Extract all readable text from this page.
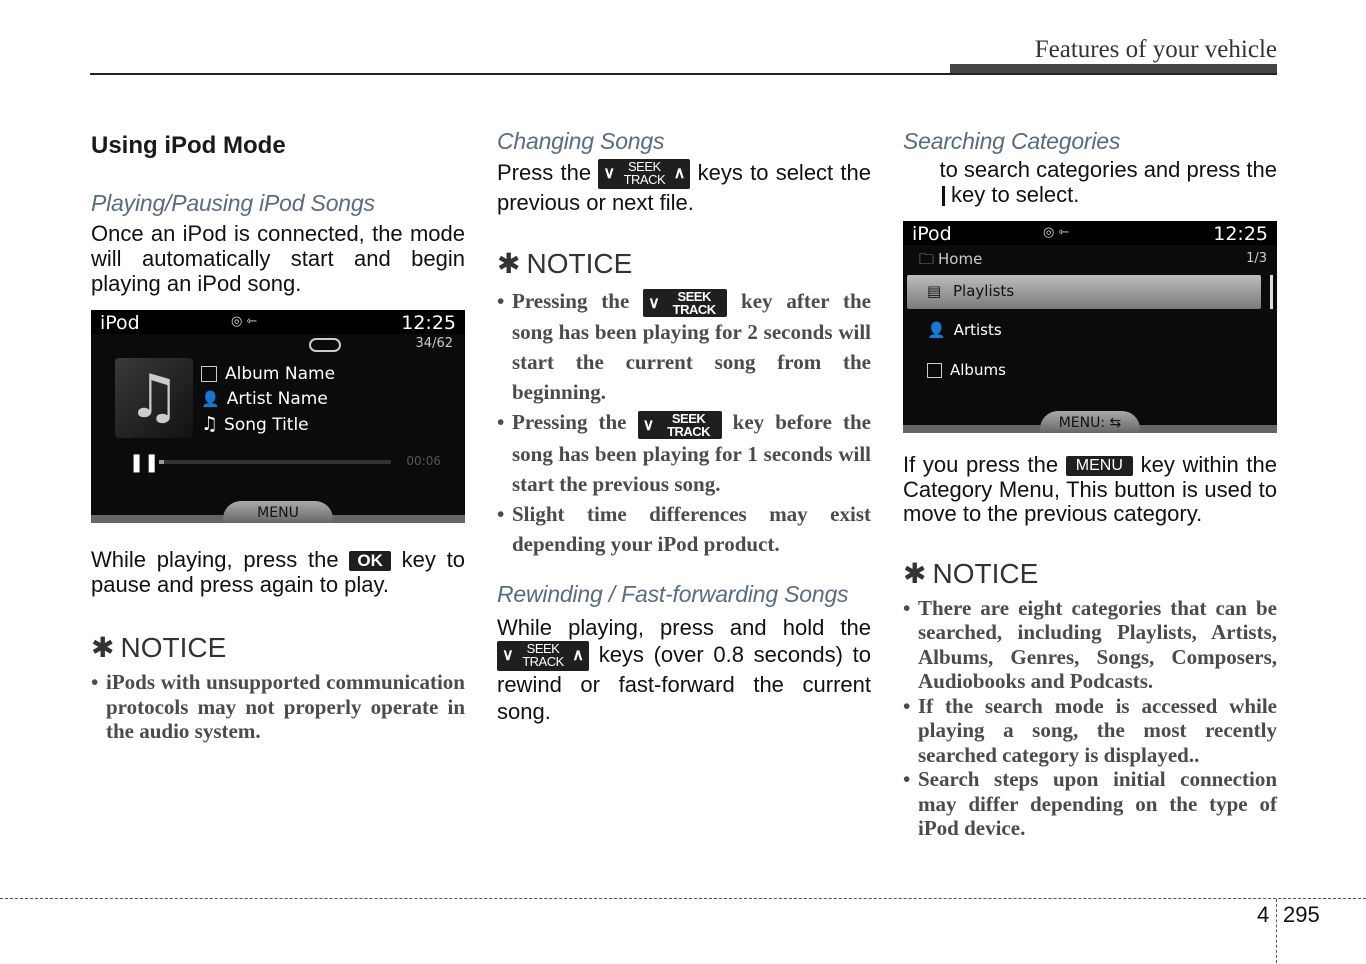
Features of your vehicle
Using iPod Mode
Playing/Pausing iPod Songs

Once an iPod is connected, the mode will automatically start and begin playing an iPod song.

iPod	◎ ⇽	12:25
34/62
♫	Album Name
👤 Artist Name
♫ Song Title
❚❚	00:06
MENU

While playing, press the OK key to pause and press again to play.

✱ NOTICE
• iPods with unsupported communication protocols may not properly operate in the audio system.
Changing Songs

Press the ∨ SEEK
TRACK ∧ keys to select the previous or next file.

✱ NOTICE
• Pressing the ∨	SEEK
TRACK	key after the song has been playing for 2 seconds will start the current song from the beginning.
• Pressing the ∨	SEEK
TRACK	key before the song has been playing for 1 seconds will start the previous song.
• Slight time differences may exist depending your iPod product.
Rewinding / Fast-forwarding Songs

While playing, press and hold the
∨ SEEK
TRACK ∧ keys (over 0.8 seconds) to rewind or fast-forward the current song.

Searching Categories

to search categories and press the

key to select.

iPod	◎ ⇽	12:25
🗀 Home	1/3
▤ Playlists
👤 Artists
Albums
MENU: ⇆

If you press the MENU key within the Category Menu, This button is used to move to the previous category.

✱ NOTICE
• There are eight categories that can be searched, including Playlists, Artists, Albums, Genres, Songs, Composers, Audiobooks and Podcasts.
• If the search mode is accessed while playing a song, the most recently searched category is displayed..
• Search steps upon initial connection may differ depending on the type of iPod device.
4 295
